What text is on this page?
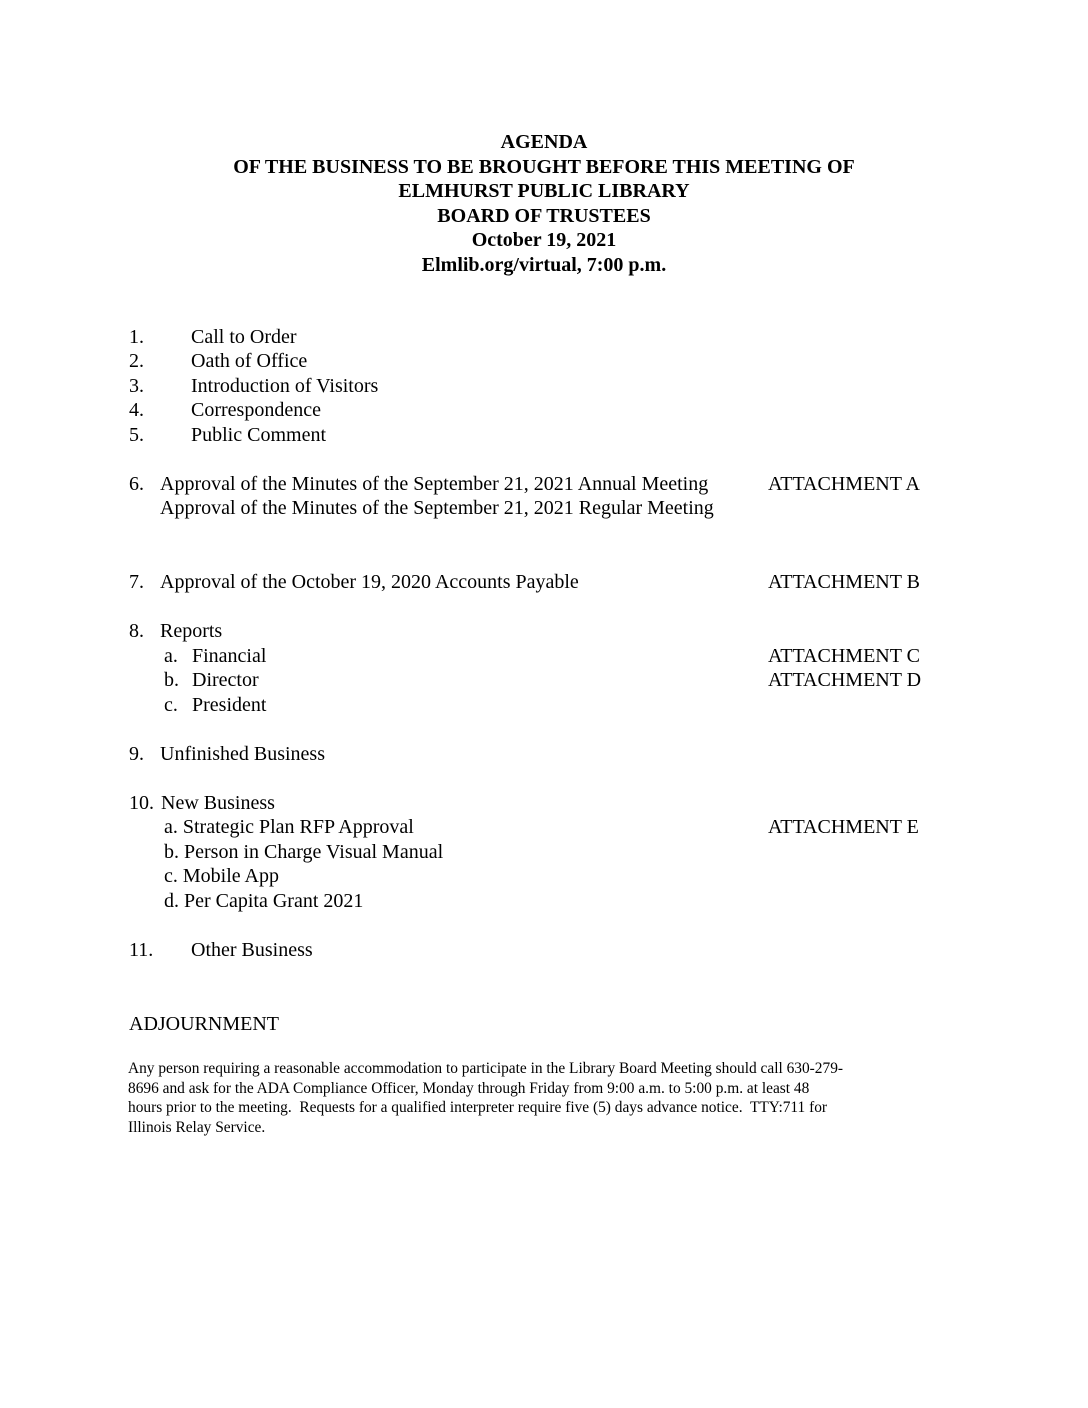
AGENDA
OF THE BUSINESS TO BE BROUGHT BEFORE THIS MEETING OF
ELMHURST PUBLIC LIBRARY
BOARD OF TRUSTEES
October 19, 2021
Elmlib.org/virtual, 7:00 p.m.
1. Call to Order
2. Oath of Office
3. Introduction of Visitors
4. Correspondence
5. Public Comment
6. Approval of the Minutes of the September 21, 2021 Annual Meeting	ATTACHMENT A
Approval of the Minutes of the September 21, 2021 Regular Meeting
7. Approval of the October 19, 2020 Accounts Payable	ATTACHMENT B
8. Reports
a. Financial	ATTACHMENT C
b. Director	ATTACHMENT D
c. President
9. Unfinished Business
10. New Business
a. Strategic Plan RFP Approval	ATTACHMENT E
b. Person in Charge Visual Manual
c. Mobile App
d. Per Capita Grant 2021
11. Other Business
ADJOURNMENT
Any person requiring a reasonable accommodation to participate in the Library Board Meeting should call 630-279-
8696 and ask for the ADA Compliance Officer, Monday through Friday from 9:00 a.m. to 5:00 p.m. at least 48
hours prior to the meeting.  Requests for a qualified interpreter require five (5) days advance notice.  TTY:711 for
Illinois Relay Service.
